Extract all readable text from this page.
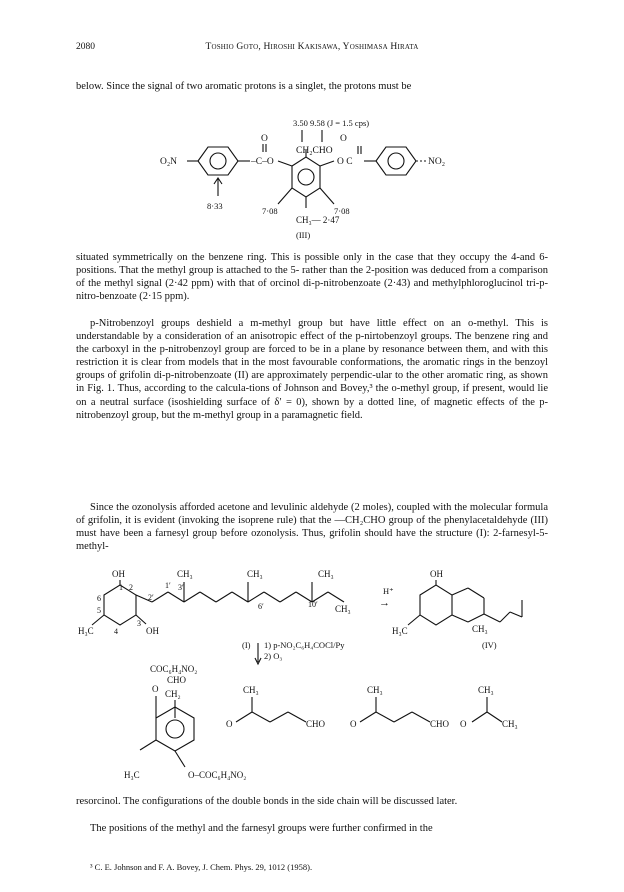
2080	Toshio Goto, Hiroshi Kakisawa, Yoshimasa Hirata
below. Since the signal of two aromatic protons is a singlet, the protons must be
3.50 9.58 (J = 1.5 cps)
CH₂CHO
O	O
O₂N	–C–O	O C	NO₂
8·33	7·08	7·08
CH₃— 2·47
(III)
situated symmetrically on the benzene ring. This is possible only in the case that they occupy the 4-and 6-positions. That the methyl group is attached to the 5- rather than the 2-position was deduced from a comparison of the methyl signal (2·42 ppm) with that of orcinol di-p-nitrobenzoate (2·43) and methylphloroglucinol tri-p-nitro-benzoate (2·15 ppm).
p-Nitrobenzoyl groups deshield a m-methyl group but have little effect on an o-methyl. This is understandable by a consideration of an anisotropic effect of the p-nirtobenzoyl groups. The benzene ring and the carboxyl in the p-nitrobenzoyl group are forced to be in a plane by resonance between them, and with this restriction it is clear from models that in the most favourable conformations, the aromatic rings in the benzoyl groups of grifolin di-p-nitrobenzoate (II) are approximately perpendic-ular to the other aromatic ring, as shown in Fig. 1. Thus, according to the calcula-tions of Johnson and Bovey,³ the o-methyl group, if present, would lie on a neutral surface (isoshielding surface of δ′ = 0), shown by a dotted line, of magnetic effects of the p-nitrobenzoyl group, but the m-methyl group in a paramagnetic field.
Since the ozonolysis afforded acetone and levulinic aldehyde (2 moles), coupled with the molecular formula of grifolin, it is evident (invoking the isoprene rule) that the —CH₂CHO group of the phenylacetaldehyde (III) must have been a farnesyl group before ozonolysis. Thus, grifolin should have the structure (I): 2-farnesyl-5-methyl-
OH
1 2
CH₃
3′
1′
CH₃	CH₃
CH₃
2′
6′	10′
6
5
4
3
H₃C	OH
H⁺
→
(I) 1) p-NO₂C₆H₄COCl/Py
2) O₃
OH
H₃C	CH₃
(IV)
COC₆H₄NO₂
CHO
O CH₂
H₃C	O–COC₆H₄NO₂
CH₃
O	CHO
CH₃
O	CHO
CH₃
O	CH₃
resorcinol. The configurations of the double bonds in the side chain will be discussed later.
The positions of the methyl and the farnesyl groups were further confirmed in the
³ C. E. Johnson and F. A. Bovey, J. Chem. Phys. 29, 1012 (1958).
